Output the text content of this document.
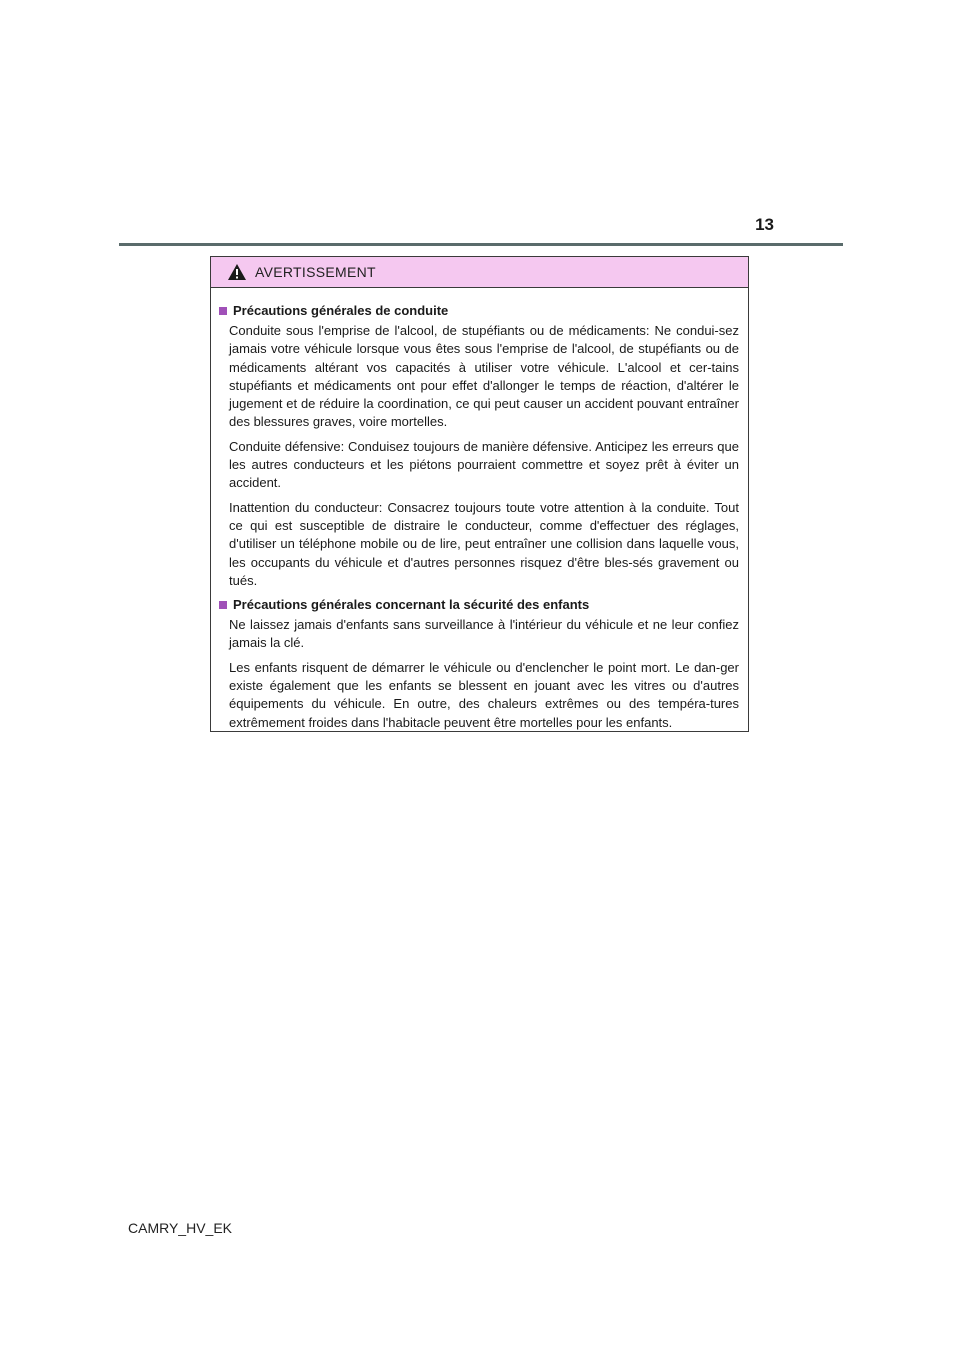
13
AVERTISSEMENT
Précautions générales de conduite

Conduite sous l'emprise de l'alcool, de stupéfiants ou de médicaments: Ne condui-sez jamais votre véhicule lorsque vous êtes sous l'emprise de l'alcool, de stupéfiants ou de médicaments altérant vos capacités à utiliser votre véhicule. L'alcool et cer-tains stupéfiants et médicaments ont pour effet d'allonger le temps de réaction, d'altérer le jugement et de réduire la coordination, ce qui peut causer un accident pouvant entraîner des blessures graves, voire mortelles.

Conduite défensive: Conduisez toujours de manière défensive. Anticipez les erreurs que les autres conducteurs et les piétons pourraient commettre et soyez prêt à éviter un accident.

Inattention du conducteur: Consacrez toujours toute votre attention à la conduite. Tout ce qui est susceptible de distraire le conducteur, comme d'effectuer des réglages, d'utiliser un téléphone mobile ou de lire, peut entraîner une collision dans laquelle vous, les occupants du véhicule et d'autres personnes risquez d'être bles-sés gravement ou tués.

Précautions générales concernant la sécurité des enfants

Ne laissez jamais d'enfants sans surveillance à l'intérieur du véhicule et ne leur confiez jamais la clé.

Les enfants risquent de démarrer le véhicule ou d'enclencher le point mort. Le dan-ger existe également que les enfants se blessent en jouant avec les vitres ou d'autres équipements du véhicule. En outre, des chaleurs extrêmes ou des tempéra-tures extrêmement froides dans l'habitacle peuvent être mortelles pour les enfants.

CAMRY_HV_EK
